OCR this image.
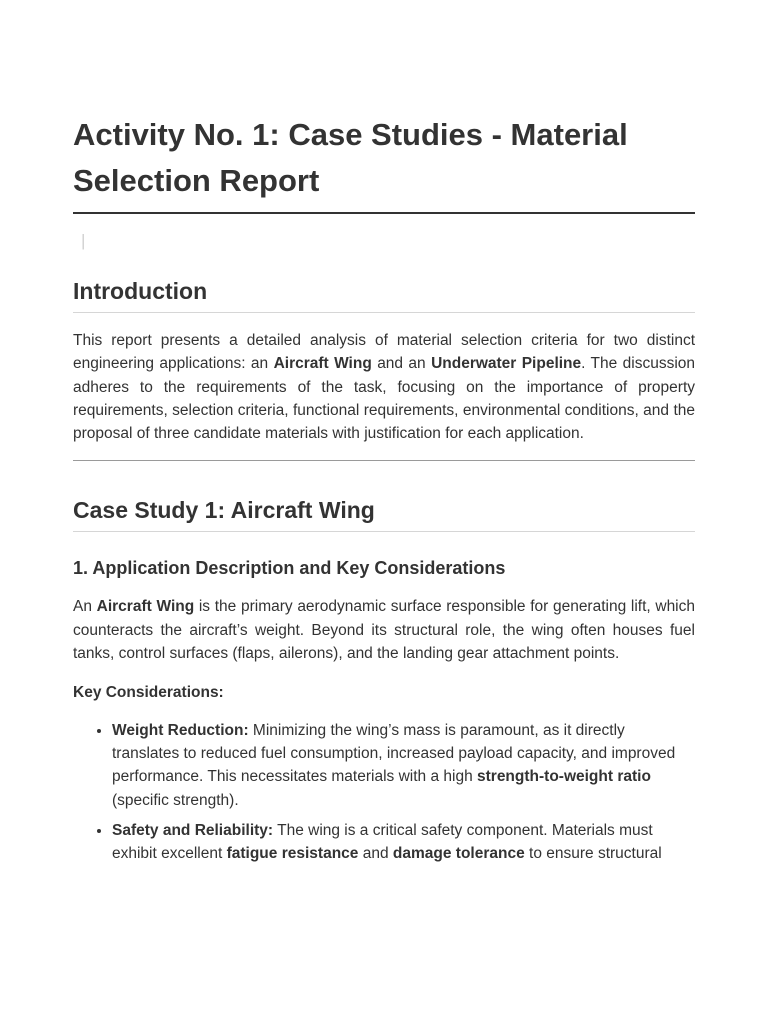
Activity No. 1: Case Studies - Material Selection Report
|
Introduction

This report presents a detailed analysis of material selection criteria for two distinct engineering applications: an Aircraft Wing and an Underwater Pipeline. The discussion adheres to the requirements of the task, focusing on the importance of property requirements, selection criteria, functional requirements, environmental conditions, and the proposal of three candidate materials with justification for each application.

Case Study 1: Aircraft Wing
1. Application Description and Key Considerations

An Aircraft Wing is the primary aerodynamic surface responsible for generating lift, which counteracts the aircraft’s weight. Beyond its structural role, the wing often houses fuel tanks, control surfaces (flaps, ailerons), and the landing gear attachment points.

Key Considerations:

• Weight Reduction: Minimizing the wing’s mass is paramount, as it directly translates to reduced fuel consumption, increased payload capacity, and improved performance. This necessitates materials with a high strength-to-weight ratio (specific strength).
• Safety and Reliability: The wing is a critical safety component. Materials must exhibit excellent fatigue resistance and damage tolerance to ensure structural
